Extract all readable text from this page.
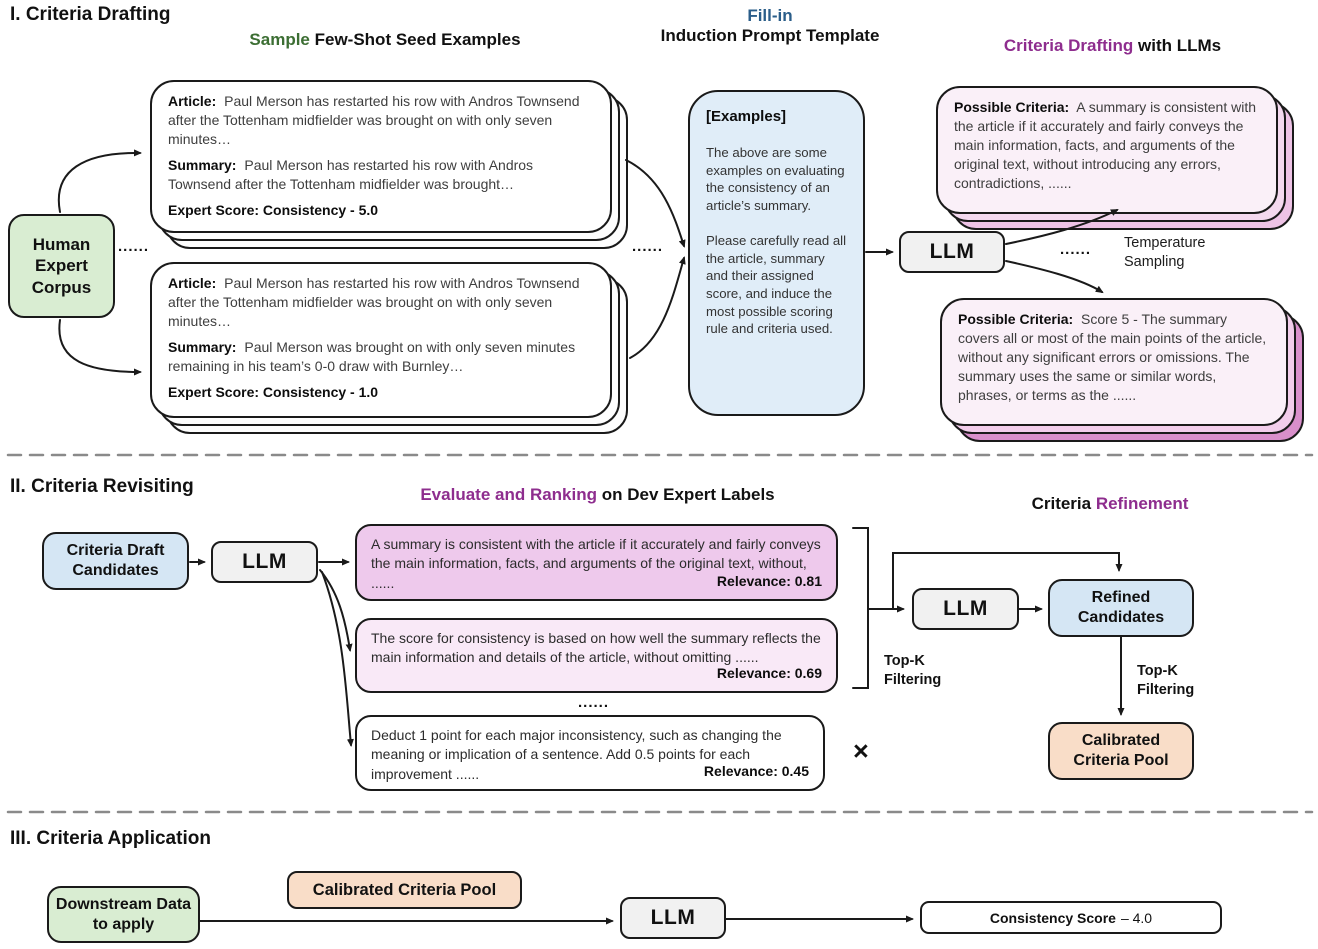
I. Criteria Drafting
Sample Few-Shot Seed Examples
Fill-in
Induction Prompt Template
Criteria Drafting with LLMs
Human Expert Corpus
......

Article: Paul Merson has restarted his row with Andros Townsend after the Tottenham midfielder was brought on with only seven minutes…

Summary: Paul Merson has restarted his row with Andros Townsend after the Tottenham midfielder was brought…

Expert Score: Consistency - 5.0

Article: Paul Merson has restarted his row with Andros Townsend after the Tottenham midfielder was brought on with only seven minutes…

Summary: Paul Merson was brought on with only seven minutes remaining in his team’s 0-0 draw with Burnley…

Expert Score: Consistency - 1.0

......

[Examples]

The above are some examples on evaluating the consistency of an article’s summary.

Please carefully read all the article, summary and their assigned score, and induce the most possible scoring rule and criteria used.

LLM

Possible Criteria: A summary is consistent with the article if it accurately and fairly conveys the main information, facts, and arguments of the original text, without introducing any errors, contradictions, ......

Possible Criteria: Score 5 - The summary covers all or most of the main points of the article, without any significant errors or omissions. The summary uses the same or similar words, phrases, or terms as the ......

...... Temperature Sampling
II. Criteria Revisiting	Evaluate and Ranking on Dev Expert Labels	Criteria Refinement
Criteria Draft Candidates	LLM
A summary is consistent with the article if it accurately and fairly conveys the main information, facts, and arguments of the original text, without, ......	Relevance: 0.81
The score for consistency is based on how well the summary reflects the main information and details of the article, without omitting ......
Relevance: 0.69
......
Deduct 1 point for each major inconsistency, such as changing the meaning or implication of a sentence. Add 0.5 points for each improvement ......	Relevance: 0.45
×
LLM	Refined Candidates
Top-K Filtering
Top-K Filtering
Calibrated Criteria Pool
III. Criteria Application
Downstream Data to apply
Calibrated Criteria Pool
LLM	Consistency Score – 4.0
